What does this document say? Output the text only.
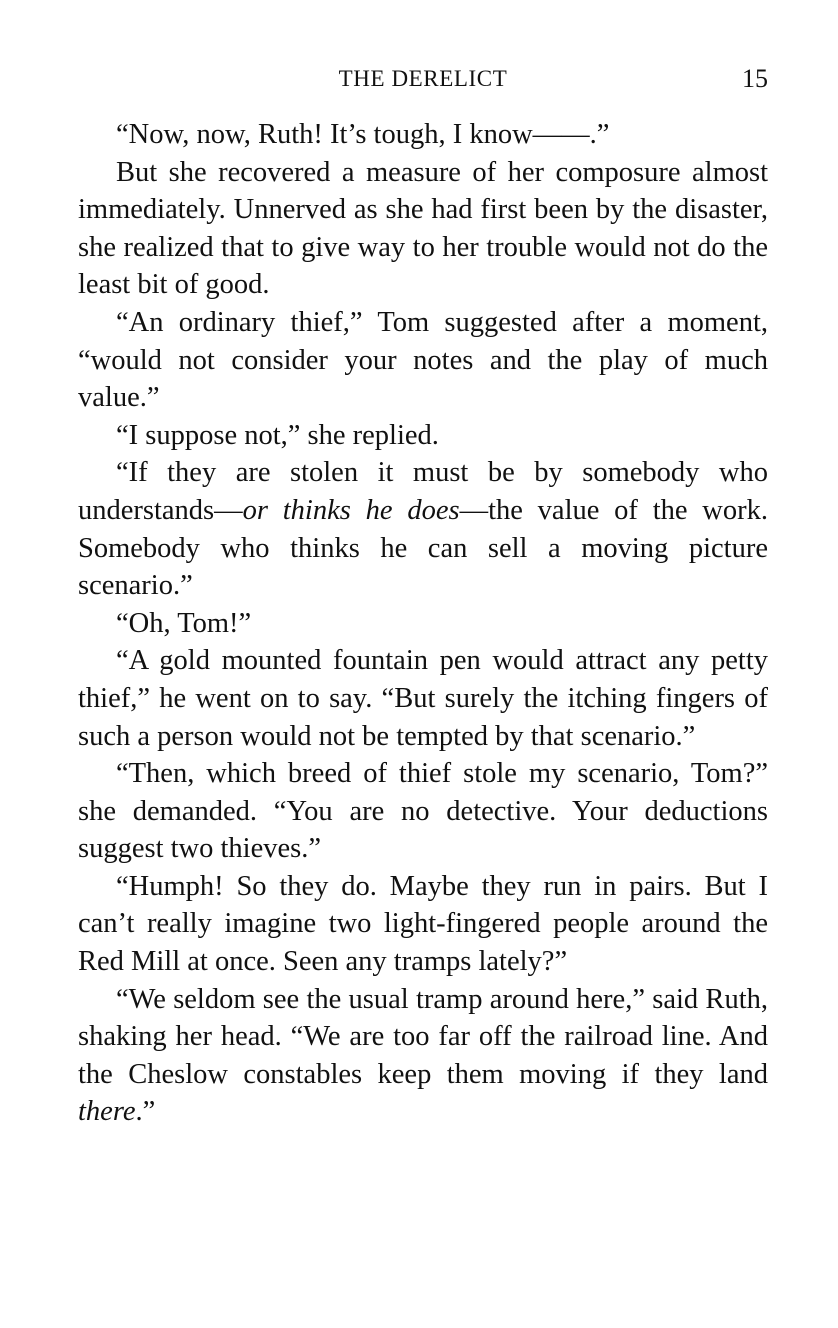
THE DERELICT	15

“Now, now, Ruth! It’s tough, I know——.”

But she recovered a measure of her composure almost immediately. Unnerved as she had first been by the disaster, she realized that to give way to her trouble would not do the least bit of good.

“An ordinary thief,” Tom suggested after a moment, “would not consider your notes and the play of much value.”

“I suppose not,” she replied.

“If they are stolen it must be by somebody who understands—or thinks he does—the value of the work. Somebody who thinks he can sell a moving picture scenario.”

“Oh, Tom!”

“A gold mounted fountain pen would attract any petty thief,” he went on to say. “But surely the itching fingers of such a person would not be tempted by that scenario.”

“Then, which breed of thief stole my scenario, Tom?” she demanded. “You are no detective. Your deductions suggest two thieves.”

“Humph! So they do. Maybe they run in pairs. But I can’t really imagine two light-fingered people around the Red Mill at once. Seen any tramps lately?”

“We seldom see the usual tramp around here,” said Ruth, shaking her head. “We are too far off the railroad line. And the Cheslow constables keep them moving if they land there.”
